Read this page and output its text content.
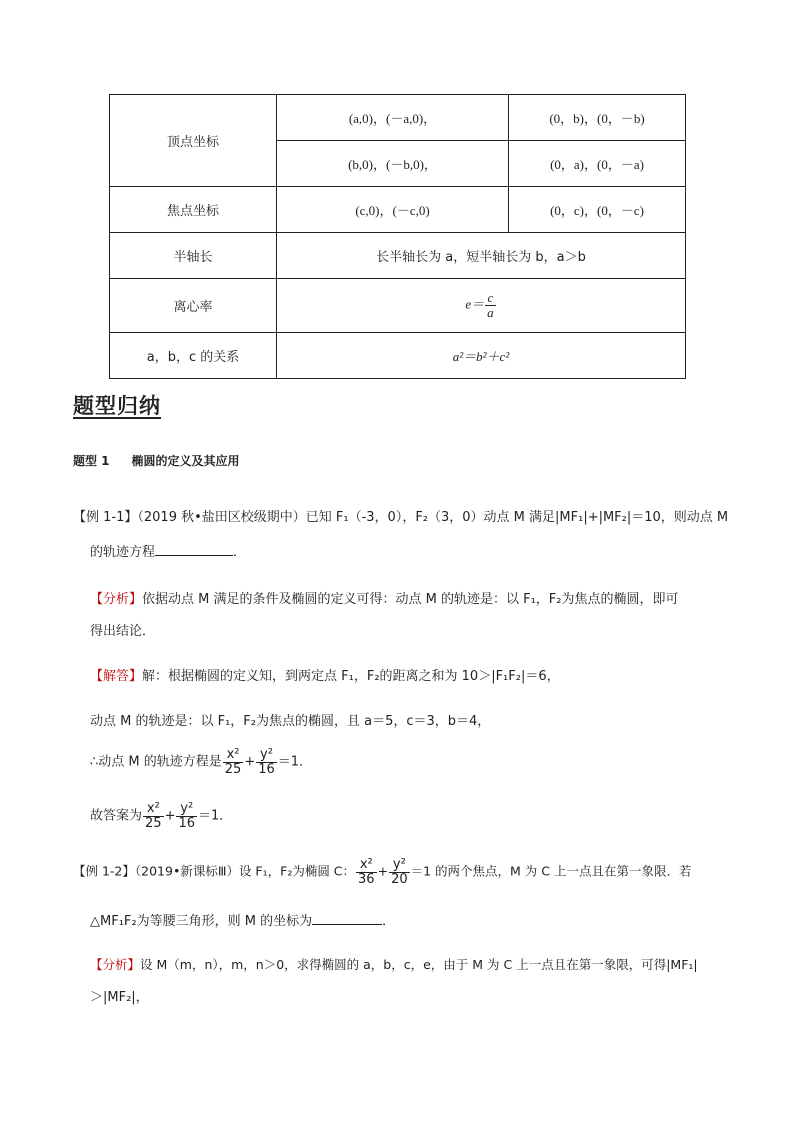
顶点坐标	(a,0)，(－a,0)，	(0，b)，(0，－b)
	(b,0)，(－b,0)，	(0，a)，(0，－a)
焦点坐标	(c,0)，(－c,0)	(0，c)，(0，－c)
半轴长	长半轴长为 a，短半轴长为 b，a＞b	
离心率	$e= \frac{c}{a}$

a，b，c 的关系	a²＝b²＋c²	
题型归纳
题型 1 椭圆的定义及其应用
【例 1-1】（2019 秋•盐田区校级期中）已知 F₁（-3，0），F₂（3，0）动点 M 满足|MF₁|+|MF₂|＝10，则动点 M
的轨迹方程	．
【分析】依据动点 M 满足的条件及椭圆的定义可得：动点 M 的轨迹是：以 F₁，F₂为焦点的椭圆，即可
得出结论．
【解答】解：根据椭圆的定义知，到两定点 F₁，F₂的距离之和为 10＞|F₁F₂|＝6，
动点 M 的轨迹是：以 F₁，F₂为焦点的椭圆，且 a＝5，c＝3，b＝4，
∴动点 M 的轨迹方程是 $\frac{\text{x²}}{25} + \frac{\text{y²}}{16} =1$．
故答案为 $\frac{\text{x²}}{25} + \frac{\text{y²}}{16} =1$．
【例 1-2】（2019•新课标Ⅲ）设 F₁，F₂为椭圆 C： $\frac{\text{x²}}{36} + \frac{\text{y²}}{20} =1$ 的两个焦点，M 为 C 上一点且在第一象限．若
△MF₁F₂为等腰三角形，则 M 的坐标为	．
【分析】设 M（m，n），m，n＞0，求得椭圆的 a，b，c，e，由于 M 为 C 上一点且在第一象限，可得|MF₁|
＞|MF₂|，
